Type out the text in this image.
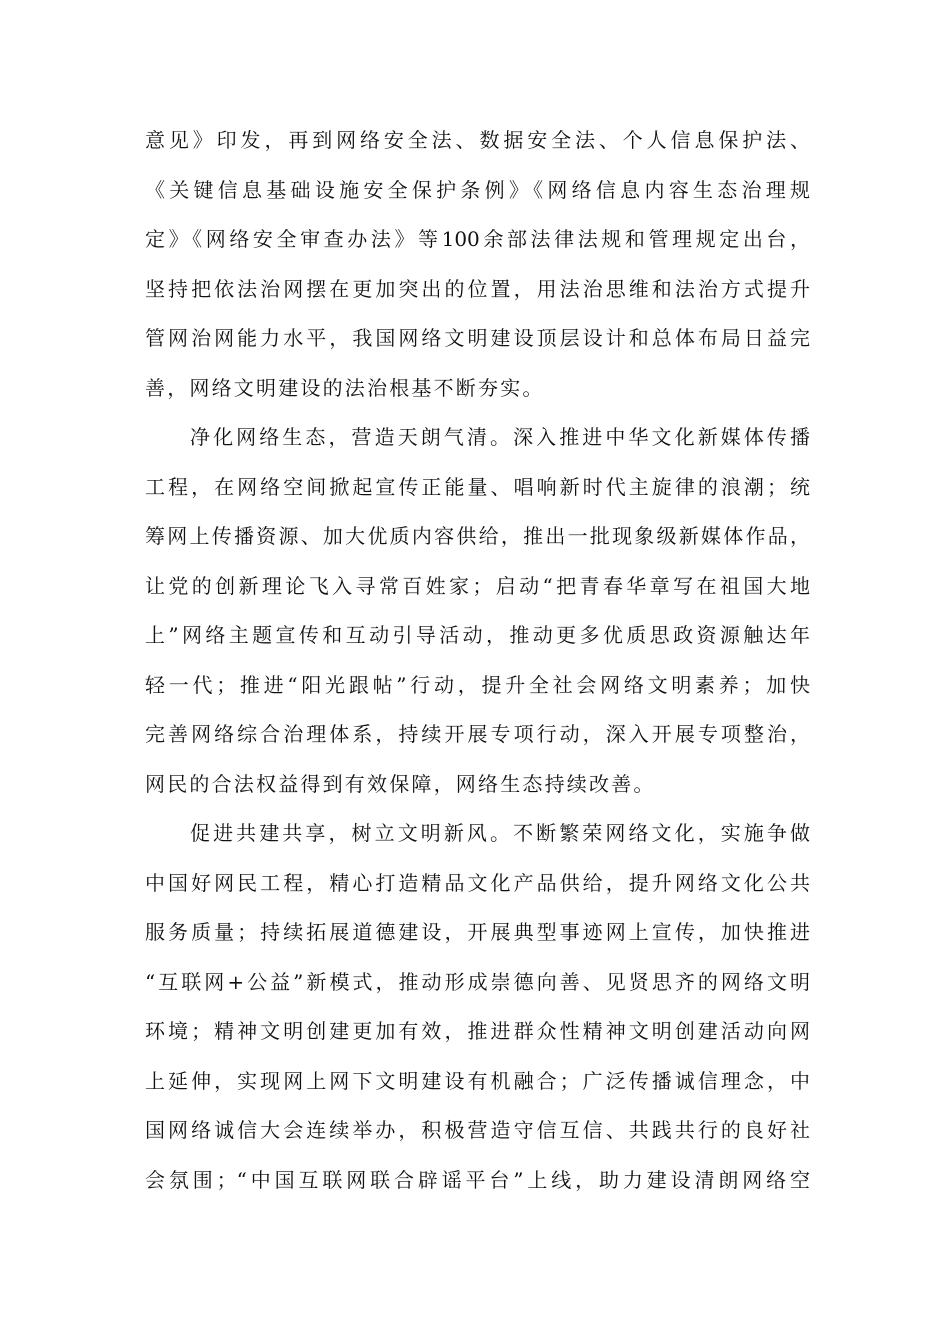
意见》印发，再到网络安全法、数据安全法、个人信息保护法、
《关键信息基础设施安全保护条例》《网络信息内容生态治理规
定》《网络安全审查办法》等100余部法律法规和管理规定出台，
坚持把依法治网摆在更加突出的位置，用法治思维和法治方式提升
管网治网能力水平，我国网络文明建设顶层设计和总体布局日益完
善，网络文明建设的法治根基不断夯实。
净化网络生态，营造天朗气清。深入推进中华文化新媒体传播
工程，在网络空间掀起宣传正能量、唱响新时代主旋律的浪潮；统
筹网上传播资源、加大优质内容供给，推出一批现象级新媒体作品，
让党的创新理论飞入寻常百姓家；启动“把青春华章写在祖国大地
上”网络主题宣传和互动引导活动，推动更多优质思政资源触达年
轻一代；推进“阳光跟帖”行动，提升全社会网络文明素养；加快
完善网络综合治理体系，持续开展专项行动，深入开展专项整治，
网民的合法权益得到有效保障，网络生态持续改善。
促进共建共享，树立文明新风。不断繁荣网络文化，实施争做
中国好网民工程，精心打造精品文化产品供给，提升网络文化公共
服务质量；持续拓展道德建设，开展典型事迹网上宣传，加快推进
“互联网+公益”新模式，推动形成崇德向善、见贤思齐的网络文明
环境；精神文明创建更加有效，推进群众性精神文明创建活动向网
上延伸，实现网上网下文明建设有机融合；广泛传播诚信理念，中
国网络诚信大会连续举办，积极营造守信互信、共践共行的良好社
会氛围；“中国互联网联合辟谣平台”上线，助力建设清朗网络空
